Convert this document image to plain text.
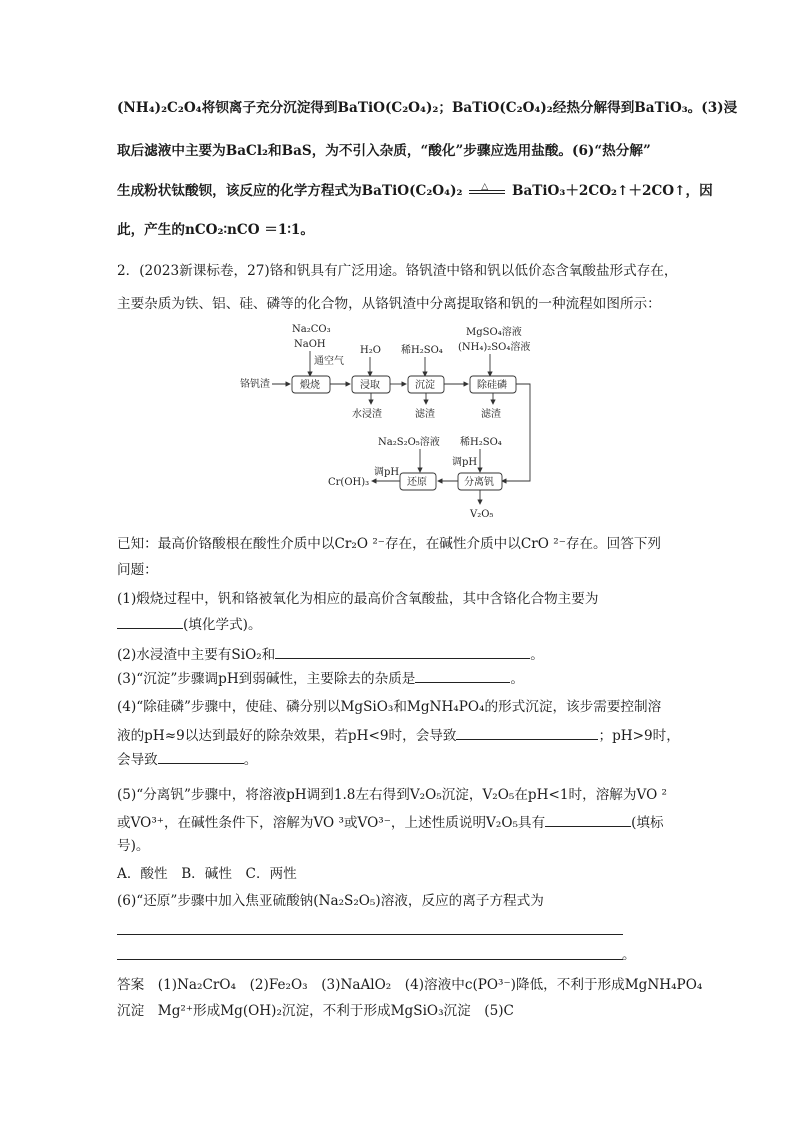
(NH₄)₂C₂O₄将钡离子充分沉淀得到BaTiO(C₂O₄)₂；BaTiO(C₂O₄)₂经热分解得到BaTiO₃。(3)浸
取后滤液中主要为BaCl₂和BaS，为不引入杂质，“酸化”步骤应选用盐酸。(6)“热分解”
生成粉状钛酸钡，该反应的化学方程式为BaTiO(C₂O₄)₂ △ BaTiO₃＋2CO₂↑＋2CO↑，因
此，产生的nCO₂∶nCO ＝1∶1。
2．(2023新课标卷，27)铬和钒具有广泛用途。铬钒渣中铬和钒以低价态含氧酸盐形式存在，
主要杂质为铁、铝、硅、磷等的化合物，从铬钒渣中分离提取铬和钒的一种流程如图所示：
Na₂CO₃
NaOH
通空气
H₂O 稀H₂SO₄
MgSO₄溶液
(NH₄)₂SO₄溶液
铬钒渣	煅烧	浸取	沉淀	除硅磷
水浸渣	滤渣	滤渣
Na₂S₂O₅溶液 稀H₂SO₄
调pH
分离钒
还原
调pH
Cr(OH)₃
V₂O₅
已知：最高价铬酸根在酸性介质中以Cr₂O ²⁻存在，在碱性介质中以CrO ²⁻存在。回答下列
问题：
(1)煅烧过程中，钒和铬被氧化为相应的最高价含氧酸盐，其中含铬化合物主要为
(填化学式)。
(2)水浸渣中主要有SiO₂和	。
(3)“沉淀”步骤调pH到弱碱性，主要除去的杂质是	。
(4)“除硅磷”步骤中，使硅、磷分别以MgSiO₃和MgNH₄PO₄的形式沉淀，该步需要控制溶
液的pH≈9以达到最好的除杂效果，若pH<9时，会导致	；pH>9时，
会导致	。
(5)“分离钒”步骤中，将溶液pH调到1.8左右得到V₂O₅沉淀，V₂O₅在pH<1时，溶解为VO ²
或VO³⁺，在碱性条件下，溶解为VO ³或VO³⁻，上述性质说明V₂O₅具有	(填标
号)。
A．酸性　B．碱性　C．两性
(6)“还原”步骤中加入焦亚硫酸钠(Na₂S₂O₅)溶液，反应的离子方程式为
。
答案　(1)Na₂CrO₄　(2)Fe₂O₃　(3)NaAlO₂　(4)溶液中c(PO³⁻)降低，不利于形成MgNH₄PO₄
沉淀　Mg²⁺形成Mg(OH)₂沉淀，不利于形成MgSiO₃沉淀　(5)C
